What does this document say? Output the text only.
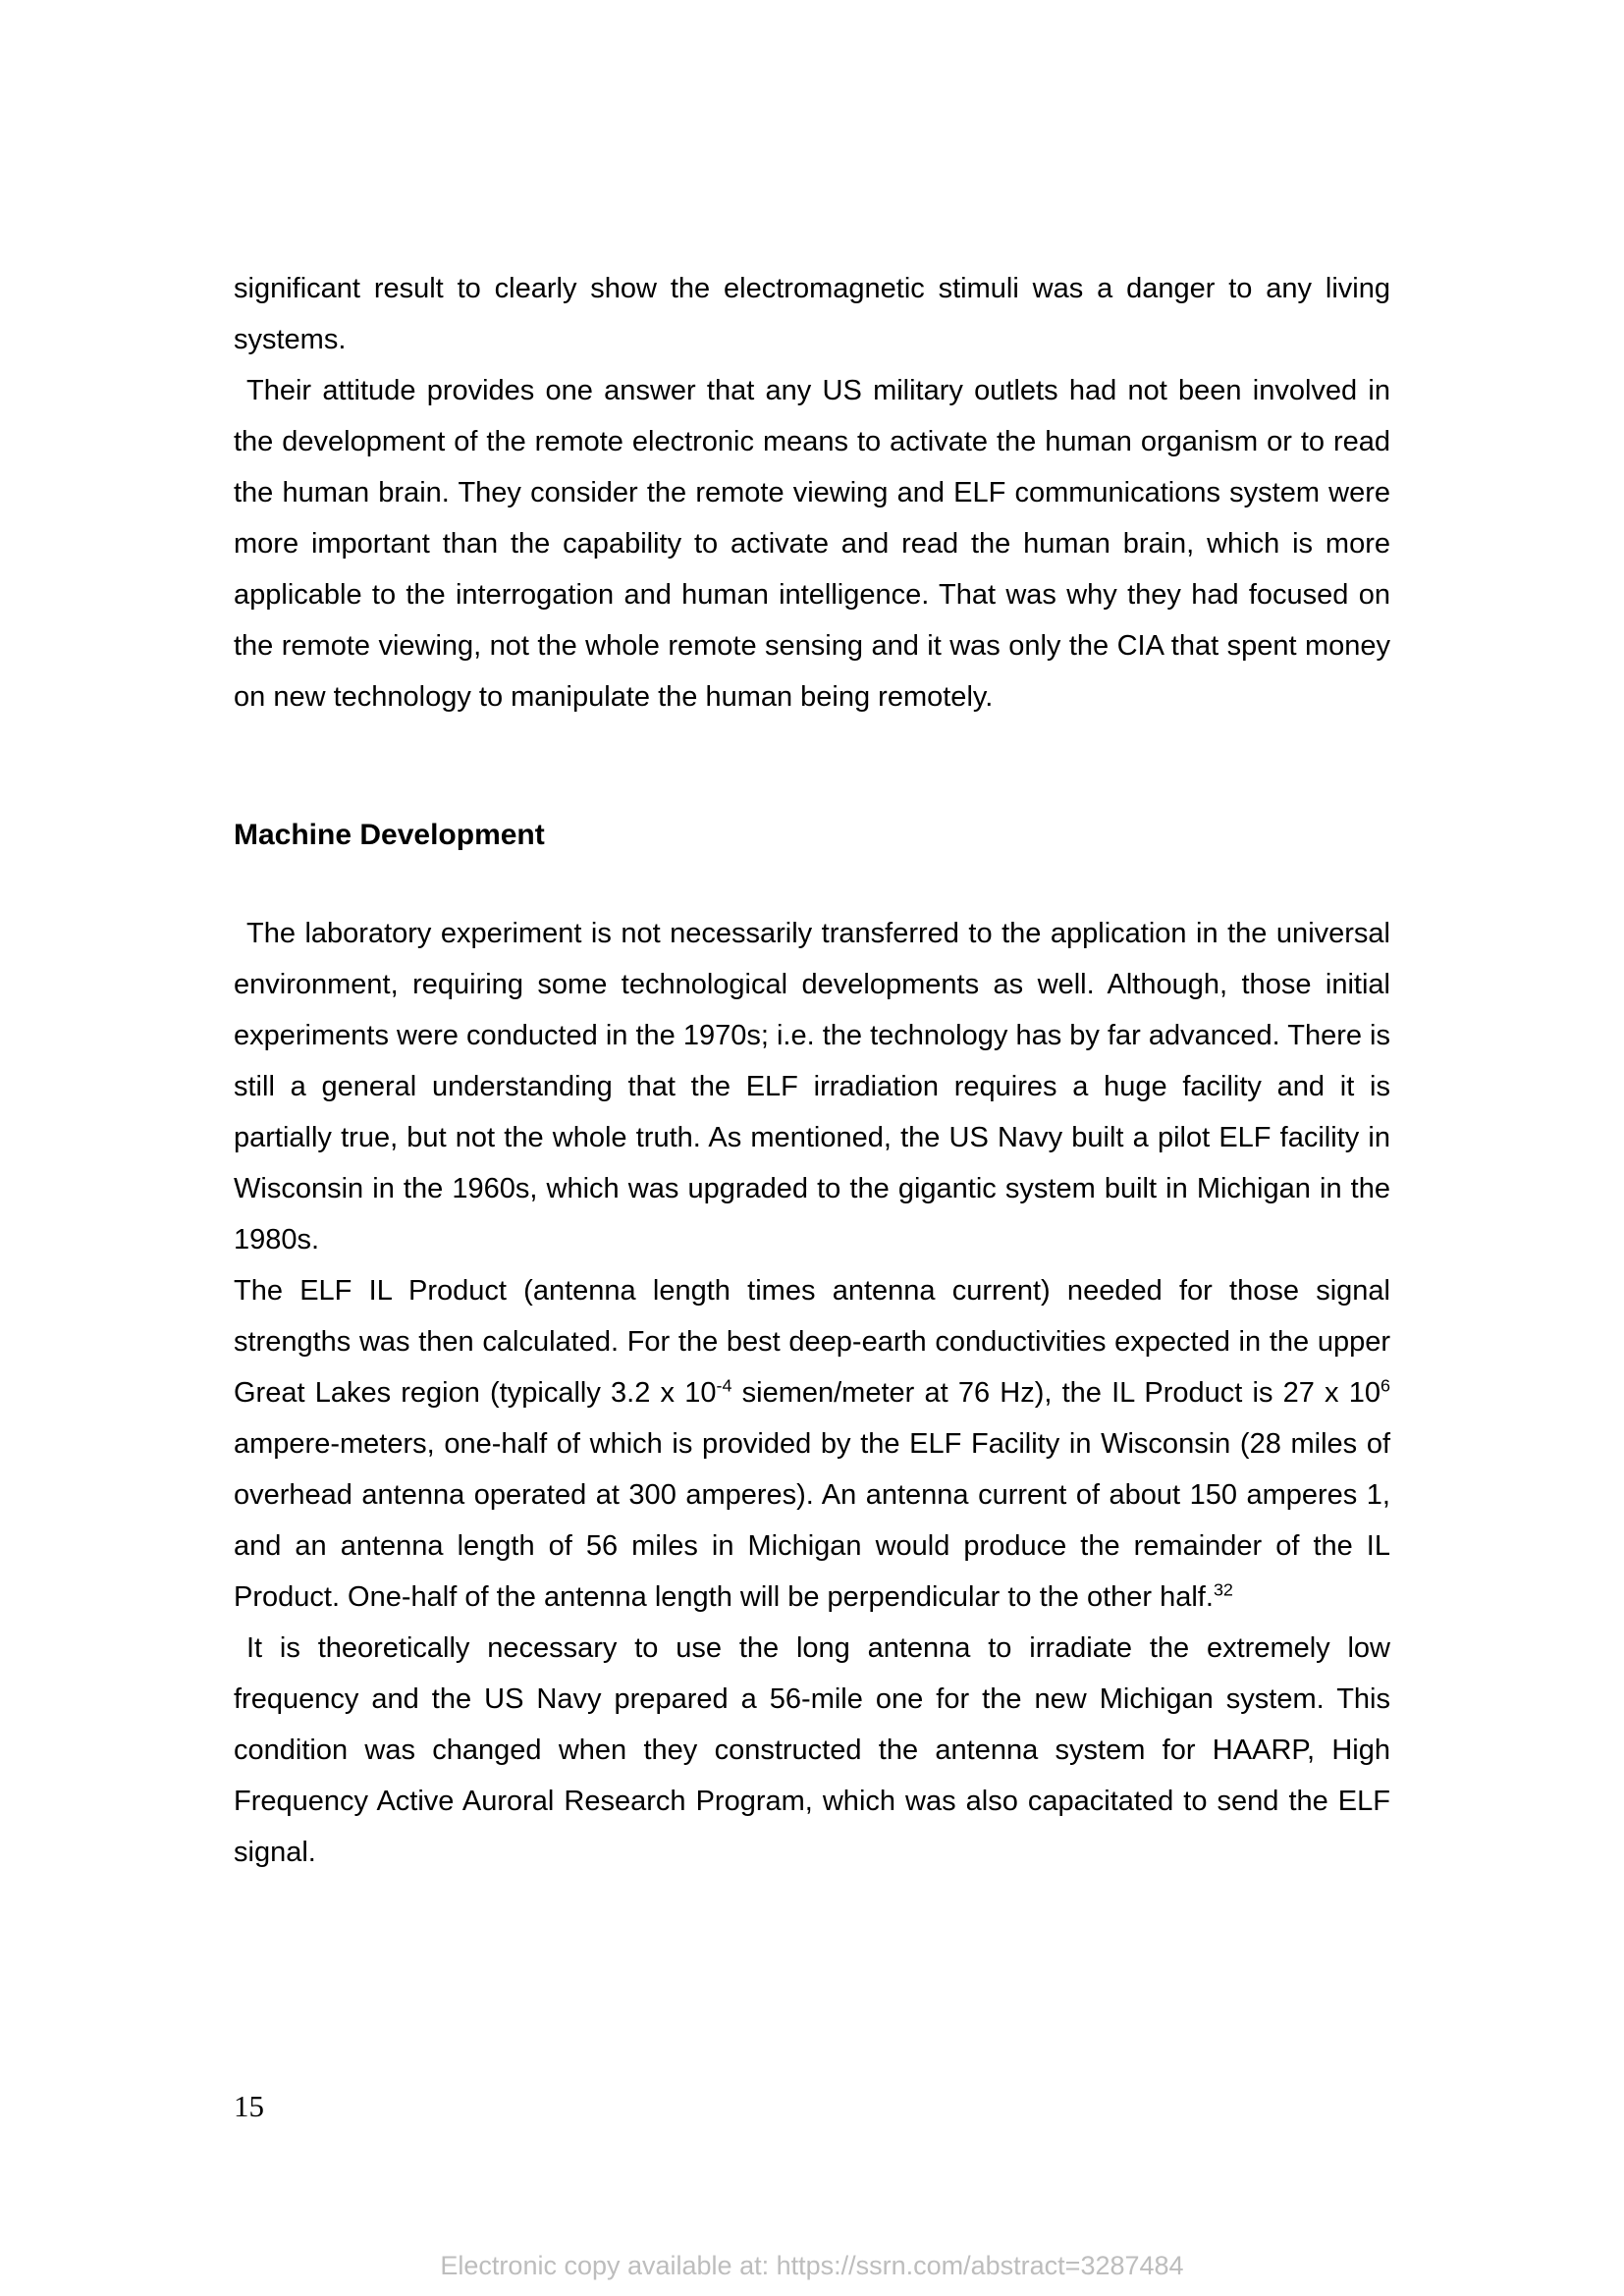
significant result to clearly show the electromagnetic stimuli was a danger to any living systems.

Their attitude provides one answer that any US military outlets had not been involved in the development of the remote electronic means to activate the human organism or to read the human brain. They consider the remote viewing and ELF communications system were more important than the capability to activate and read the human brain, which is more applicable to the interrogation and human intelligence. That was why they had focused on the remote viewing, not the whole remote sensing and it was only the CIA that spent money on new technology to manipulate the human being remotely.

Machine Development

The laboratory experiment is not necessarily transferred to the application in the universal environment, requiring some technological developments as well. Although, those initial experiments were conducted in the 1970s; i.e. the technology has by far advanced. There is still a general understanding that the ELF irradiation requires a huge facility and it is partially true, but not the whole truth. As mentioned, the US Navy built a pilot ELF facility in Wisconsin in the 1960s, which was upgraded to the gigantic system built in Michigan in the 1980s.

The ELF IL Product (antenna length times antenna current) needed for those signal strengths was then calculated. For the best deep-earth conductivities expected in the upper Great Lakes region (typically 3.2 x $10^{-4}$ siemen/meter at 76 Hz), the IL Product is 27 x $10^6$ ampere-meters, one-half of which is provided by the ELF Facility in Wisconsin (28 miles of overhead antenna operated at 300 amperes). An antenna current of about 150 amperes 1, and an antenna length of 56 miles in Michigan would produce the remainder of the IL Product. One-half of the antenna length will be perpendicular to the other half.$^{32}$

It is theoretically necessary to use the long antenna to irradiate the extremely low frequency and the US Navy prepared a 56-mile one for the new Michigan system. This condition was changed when they constructed the antenna system for HAARP, High Frequency Active Auroral Research Program, which was also capacitated to send the ELF signal.

15
Electronic copy available at: https://ssrn.com/abstract=3287484
